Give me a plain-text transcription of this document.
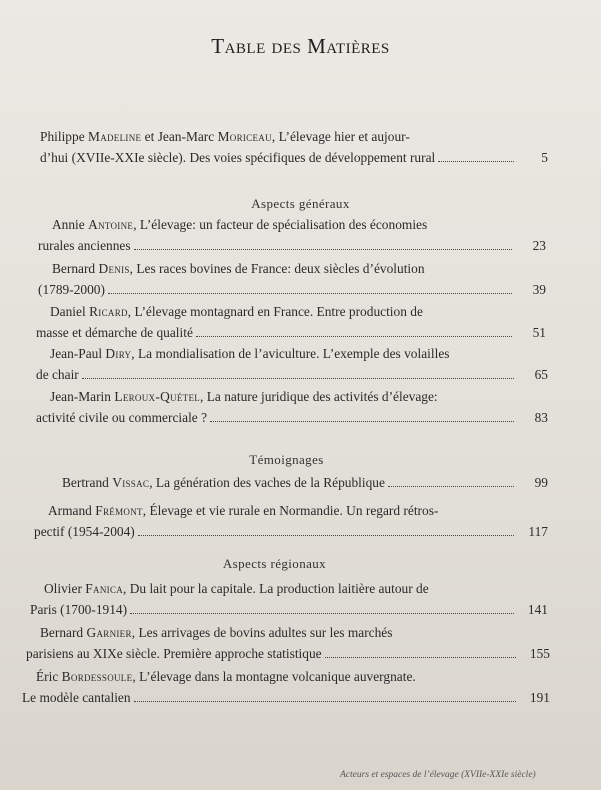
Table des Matières
Philippe Madeline et Jean-Marc Moriceau, L’élevage hier et aujour-
d’hui (XVIIe-XXIe siècle). Des voies spécifiques de développement rural	5
Aspects généraux
Annie Antoine, L’élevage: un facteur de spécialisation des économies
rurales anciennes	23
Bernard Denis, Les races bovines de France: deux siècles d’évolution
(1789-2000)	39
Daniel Ricard, L’élevage montagnard en France. Entre production de
masse et démarche de qualité	51
Jean-Paul Diry, La mondialisation de l’aviculture. L’exemple des volailles
de chair	65
Jean-Marin Leroux-Quétel, La nature juridique des activités d’élevage:
activité civile ou commerciale ?	83
Témoignages
Bertrand
Vissac , La génération des vaches de la République	99
Armand Frémont, Élevage et vie rurale en Normandie. Un regard rétros-
pectif (1954-2004)	117
Aspects régionaux
Olivier Fanica, Du lait pour la capitale. La production laitière autour de
Paris (1700-1914)	141
Bernard Garnier, Les arrivages de bovins adultes sur les marchés
parisiens au XIXe siècle. Première approche statistique	155
Éric Bordessoule, L’élevage dans la montagne volcanique auvergnate.
Le modèle cantalien	191
Acteurs et espaces de l’élevage (XVIIe-XXIe siècle)
